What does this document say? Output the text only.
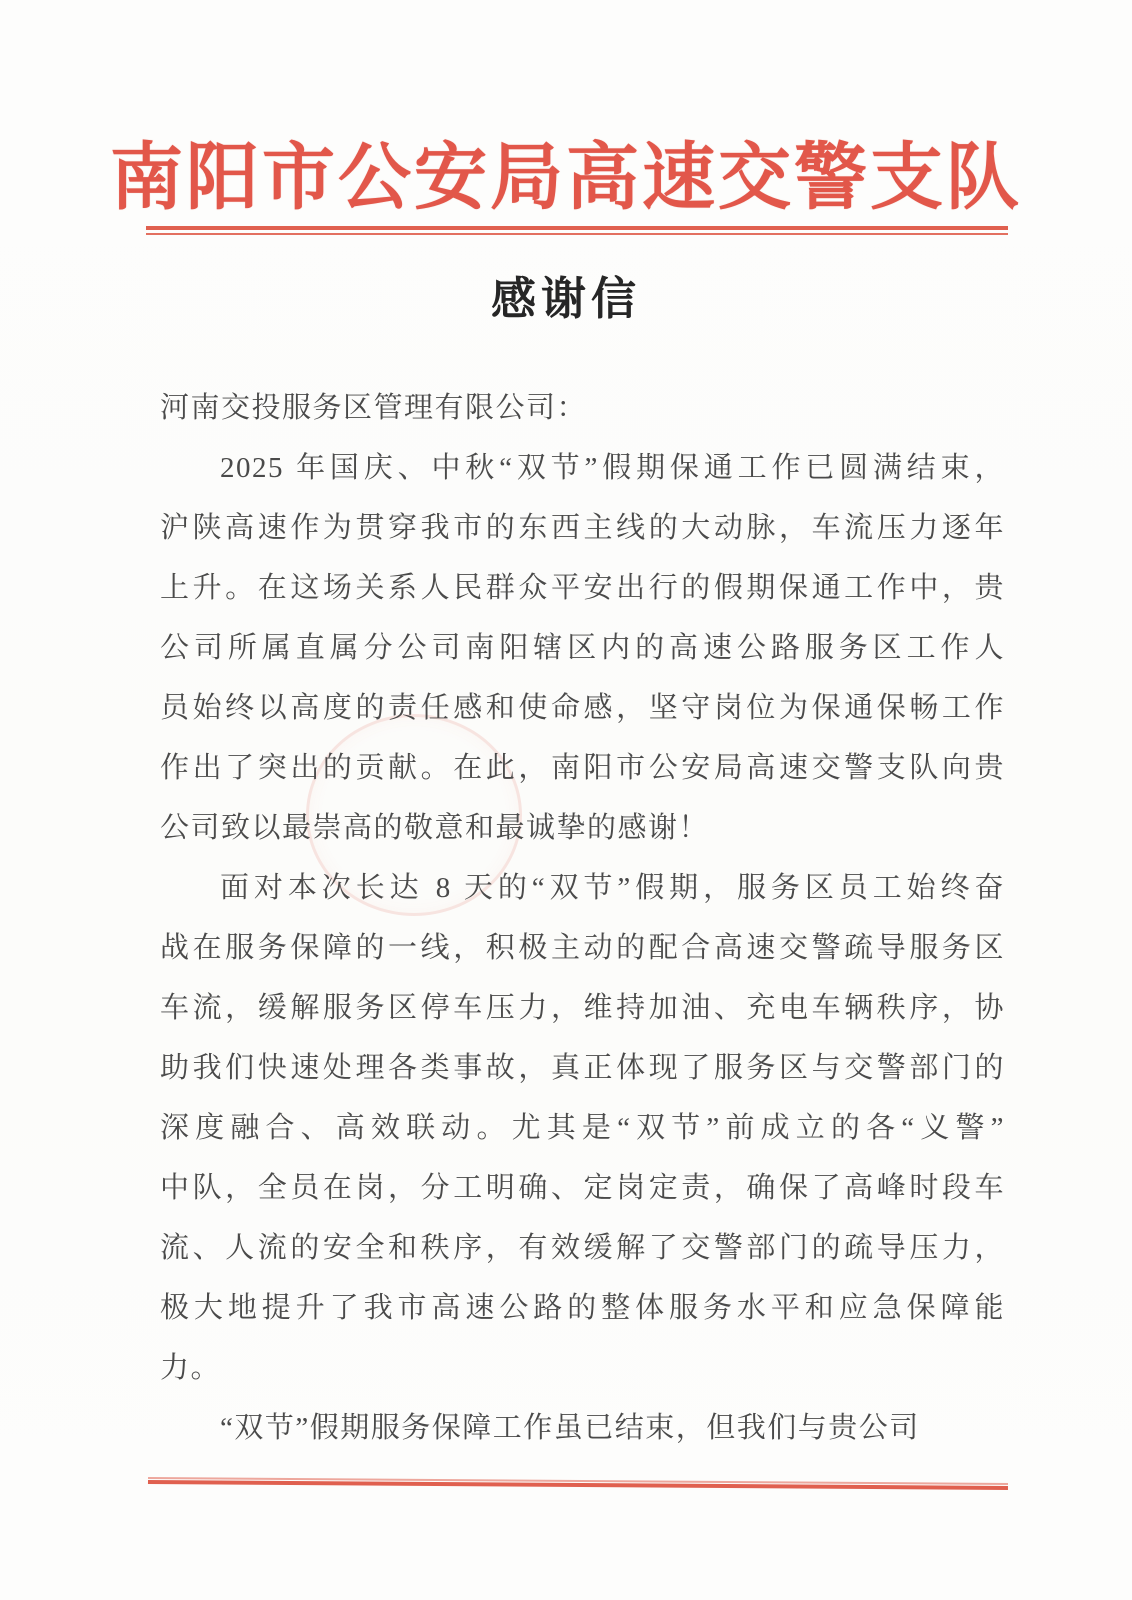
南阳市公安局高速交警支队
感谢信
河南交投服务区管理有限公司：
2025 年国庆、中秋“双节”假期保通工作已圆满结束，
沪陕高速作为贯穿我市的东西主线的大动脉，车流压力逐年
上升。在这场关系人民群众平安出行的假期保通工作中，贵
公司所属直属分公司南阳辖区内的高速公路服务区工作人
员始终以高度的责任感和使命感，坚守岗位为保通保畅工作
作出了突出的贡献。在此，南阳市公安局高速交警支队向贵
公司致以最崇高的敬意和最诚挚的感谢！
面对本次长达 8 天的“双节”假期，服务区员工始终奋
战在服务保障的一线，积极主动的配合高速交警疏导服务区
车流，缓解服务区停车压力，维持加油、充电车辆秩序，协
助我们快速处理各类事故，真正体现了服务区与交警部门的
深度融合、高效联动。尤其是“双节”前成立的各“义警”
中队，全员在岗，分工明确、定岗定责，确保了高峰时段车
流、人流的安全和秩序，有效缓解了交警部门的疏导压力，
极大地提升了我市高速公路的整体服务水平和应急保障能
力。
“双节”假期服务保障工作虽已结束，但我们与贵公司
